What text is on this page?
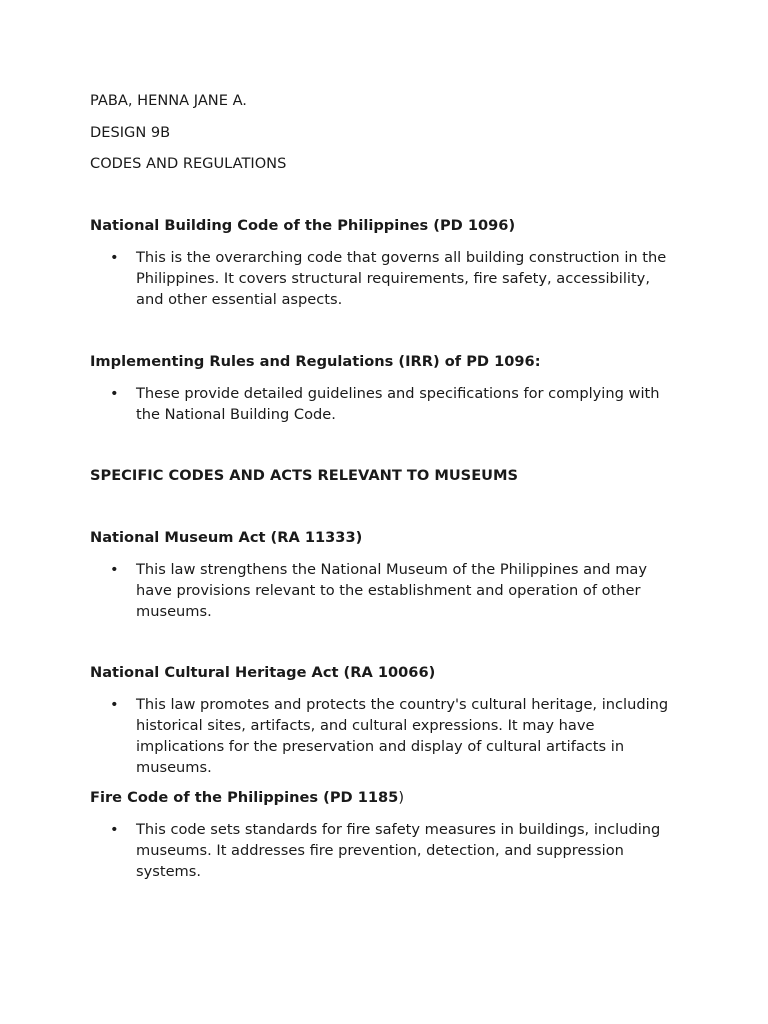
PABA, HENNA JANE A.
DESIGN 9B
CODES AND REGULATIONS
National Building Code of the Philippines (PD 1096)
• This is the overarching code that governs all building construction in the Philippines. It covers structural requirements, fire safety, accessibility, and other essential aspects.
Implementing Rules and Regulations (IRR) of PD 1096:
• These provide detailed guidelines and specifications for complying with the National Building Code.
SPECIFIC CODES AND ACTS RELEVANT TO MUSEUMS
National Museum Act (RA 11333)
• This law strengthens the National Museum of the Philippines and may have provisions relevant to the establishment and operation of other museums.
National Cultural Heritage Act (RA 10066)
• This law promotes and protects the country's cultural heritage, including historical sites, artifacts, and cultural expressions. It may have implications for the preservation and display of cultural artifacts in museums.
Fire Code of the Philippines (PD 1185)
• This code sets standards for fire safety measures in buildings, including museums. It addresses fire prevention, detection, and suppression systems.
